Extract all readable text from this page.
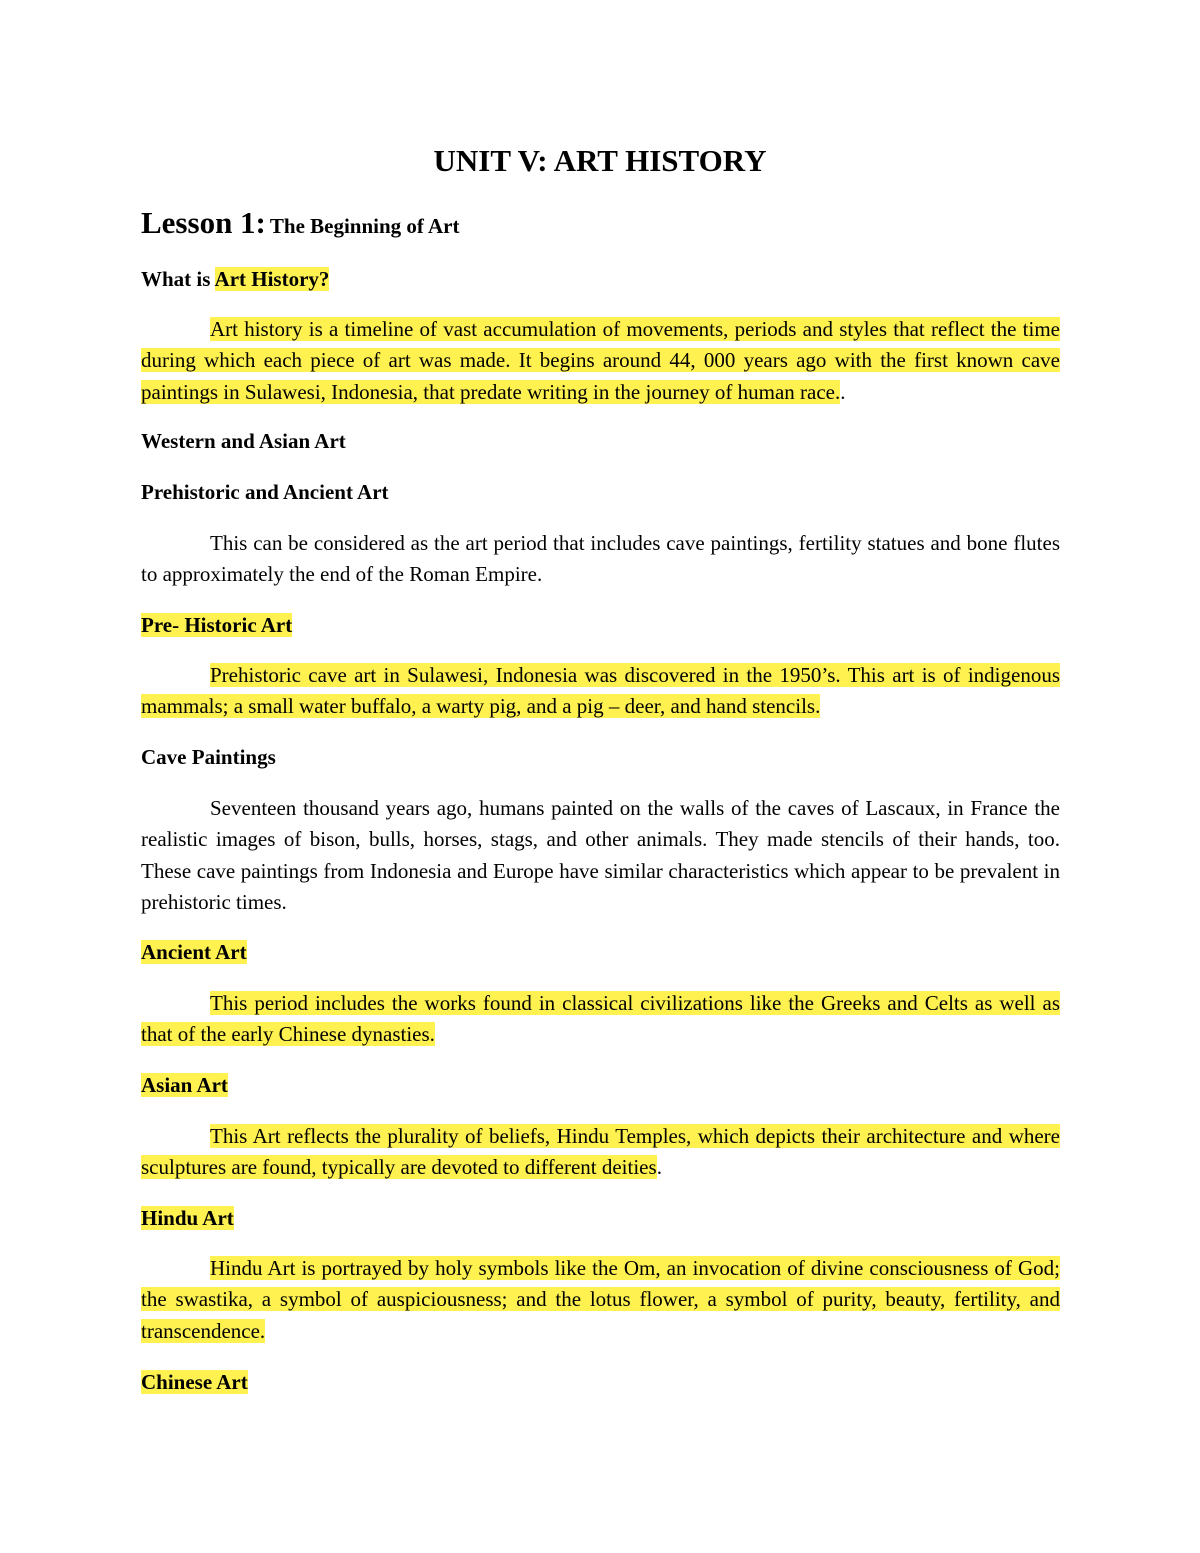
UNIT V: ART HISTORY

Lesson 1: The Beginning of Art

What is Art History?

Art history is a timeline of vast accumulation of movements, periods and styles that reflect the time during which each piece of art was made. It begins around 44, 000 years ago with the first known cave paintings in Sulawesi, Indonesia, that predate writing in the journey of human race..

Western and Asian Art

Prehistoric and Ancient Art

This can be considered as the art period that includes cave paintings, fertility statues and bone flutes to approximately the end of the Roman Empire.

Pre- Historic Art

Prehistoric cave art in Sulawesi, Indonesia was discovered in the 1950’s. This art is of indigenous mammals; a small water buffalo, a warty pig, and a pig – deer, and hand stencils.

Cave Paintings

Seventeen thousand years ago, humans painted on the walls of the caves of Lascaux, in France the realistic images of bison, bulls, horses, stags, and other animals. They made stencils of their hands, too. These cave paintings from Indonesia and Europe have similar characteristics which appear to be prevalent in prehistoric times.

Ancient Art

This period includes the works found in classical civilizations like the Greeks and Celts as well as that of the early Chinese dynasties.

Asian Art

This Art reflects the plurality of beliefs, Hindu Temples, which depicts their architecture and where sculptures are found, typically are devoted to different deities.

Hindu Art

Hindu Art is portrayed by holy symbols like the Om, an invocation of divine consciousness of God; the swastika, a symbol of auspiciousness; and the lotus flower, a symbol of purity, beauty, fertility, and transcendence.

Chinese Art
